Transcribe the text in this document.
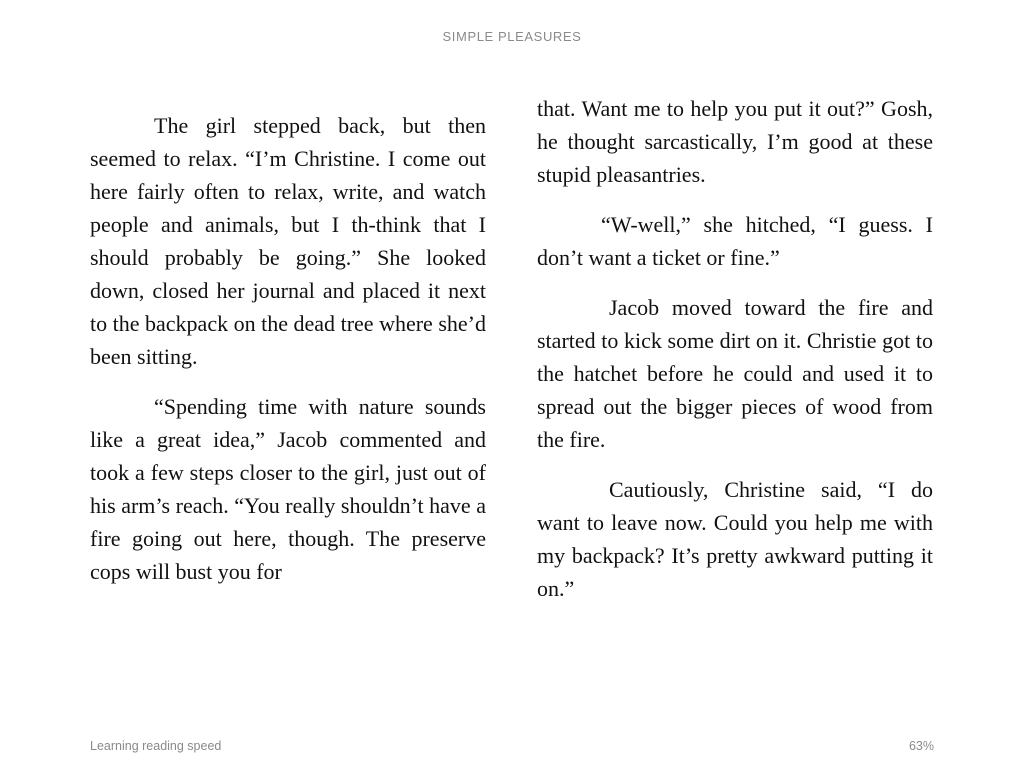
SIMPLE PLEASURES

The girl stepped back, but then seemed to relax. “I’m Christine. I come out here fairly often to relax, write, and watch people and animals, but I th-think that I should probably be going.” She looked down, closed her journal and placed it next to the backpack on the dead tree where she’d been sitting.

“Spending time with nature sounds like a great idea,” Jacob commented and took a few steps closer to the girl, just out of his arm’s reach. “You really shouldn’t have a fire going out here, though. The preserve cops will bust you for

that. Want me to help you put it out?” Gosh, he thought sarcastically, I’m good at these stupid pleasantries.

“W-well,” she hitched, “I guess. I don’t want a ticket or fine.”

Jacob moved toward the fire and started to kick some dirt on it. Christie got to the hatchet before he could and used it to spread out the bigger pieces of wood from the fire.

Cautiously, Christine said, “I do want to leave now. Could you help me with my backpack? It’s pretty awkward putting it on.”

Learning reading speed	63%
